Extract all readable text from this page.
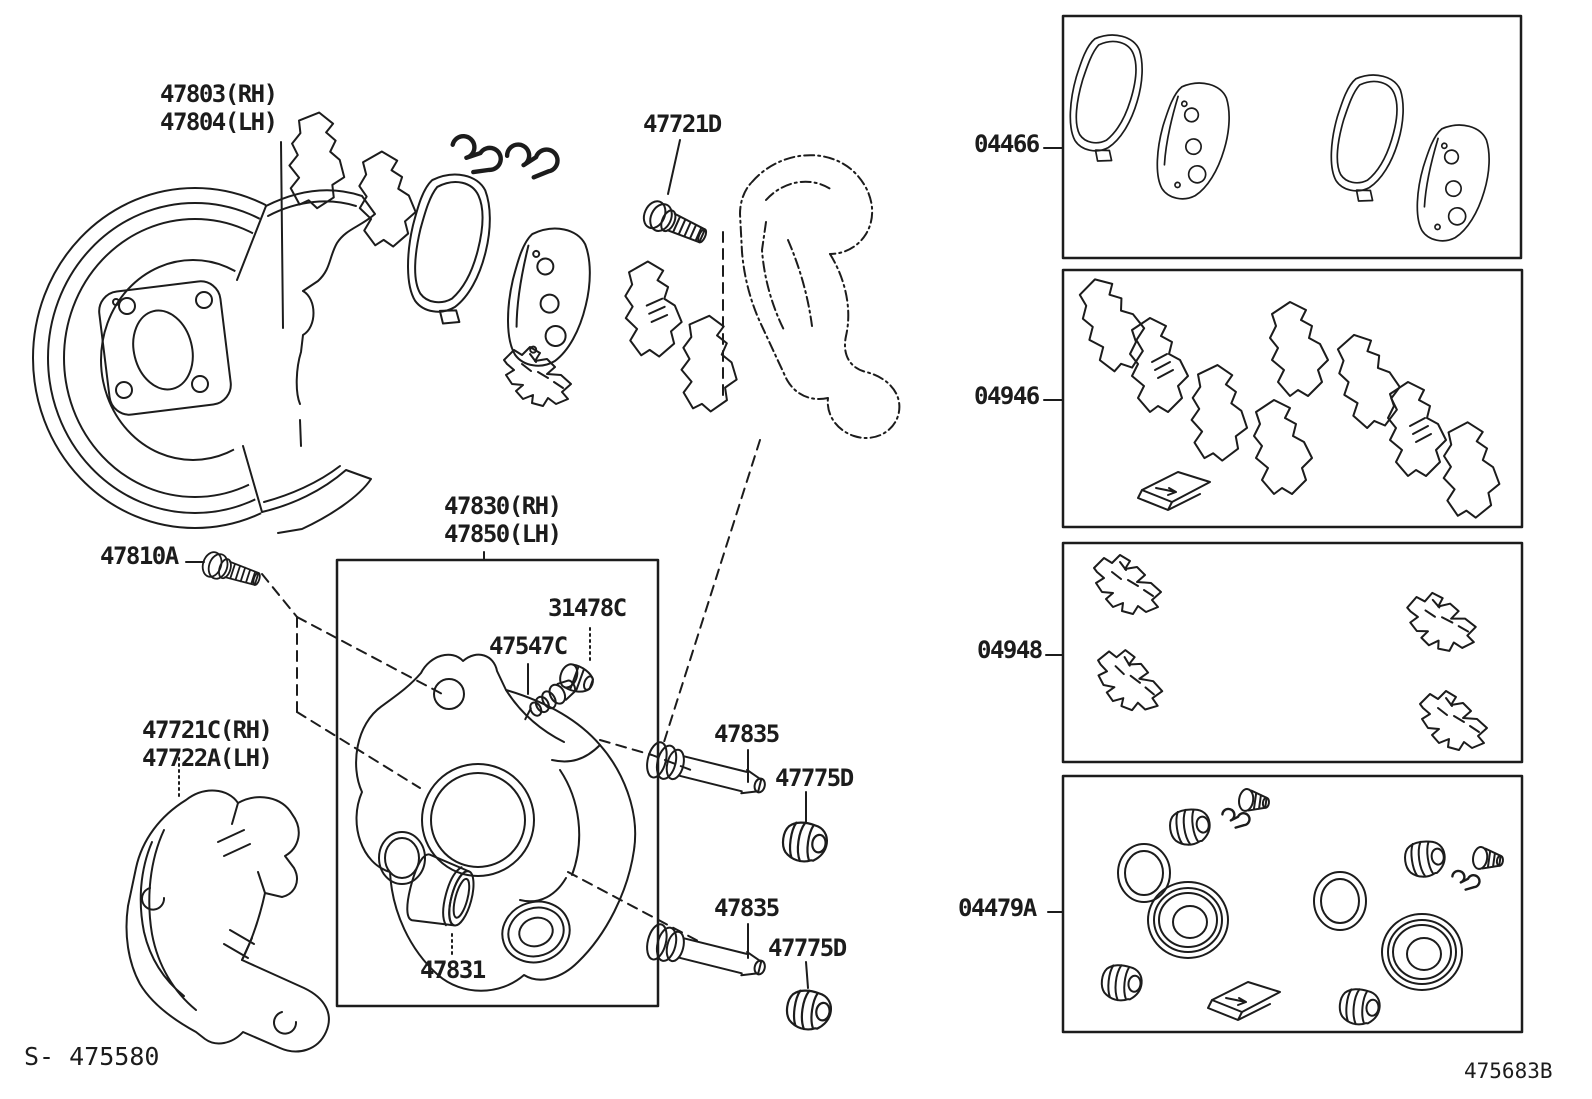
47803(RH)
47804(LH)	47721D
47830(RH)
47850(LH)
31478C
47547C
47810A
47721C(RH)
47722A(LH)
47835
47775D
47835
47775D
47831
04466
04946
04948
04479A
S- 475580	475683B
